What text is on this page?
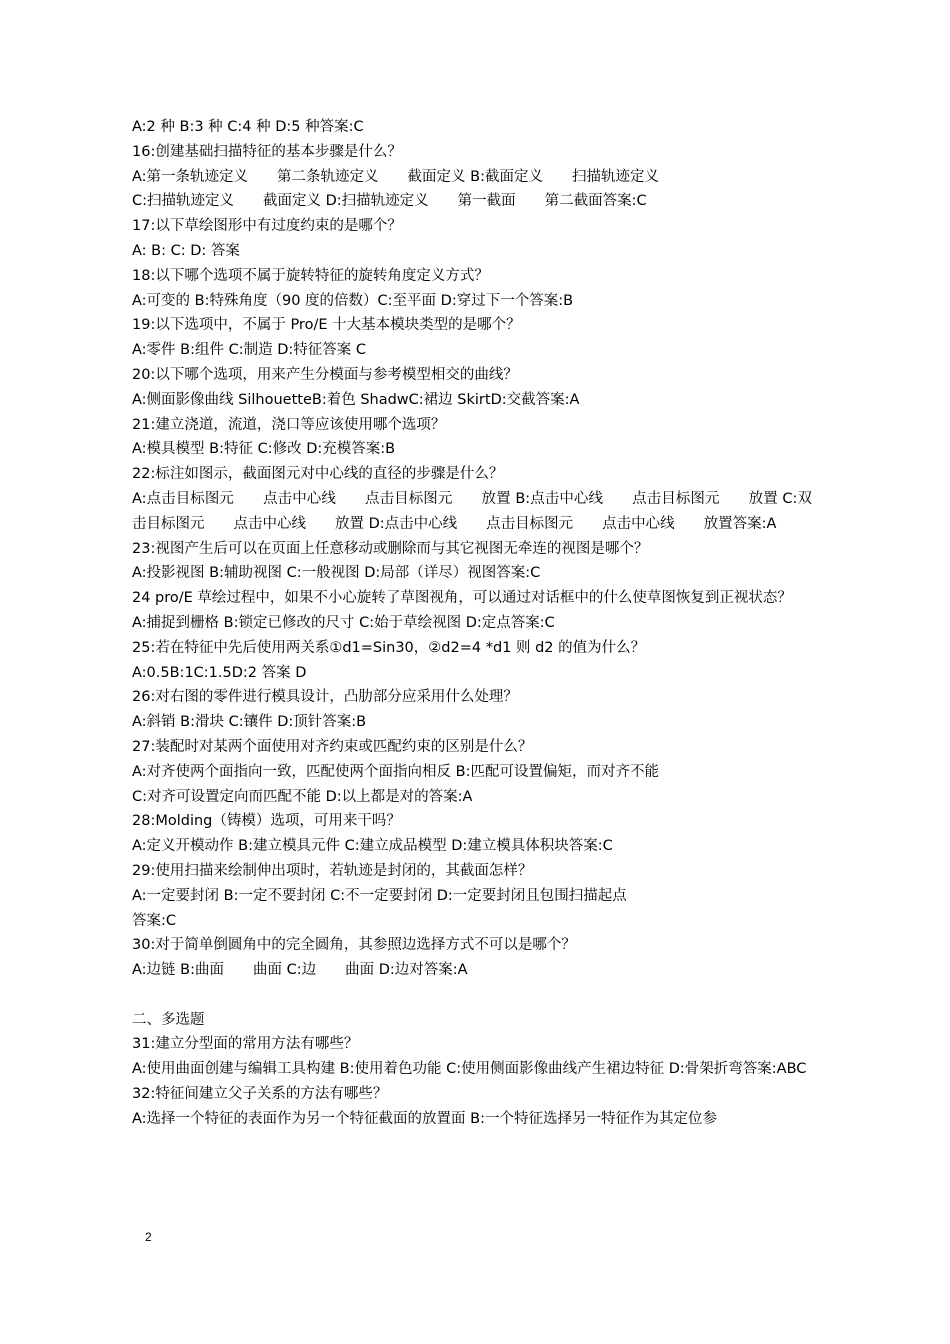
A:2 种 B:3 种 C:4 种 D:5 种答案:C
16:创建基础扫描特征的基本步骤是什么？
A:第一条轨迹定义　　第二条轨迹定义　　截面定义 B:截面定义　　扫描轨迹定义
C:扫描轨迹定义　　截面定义 D:扫描轨迹定义　　第一截面　　第二截面答案:C
17:以下草绘图形中有过度约束的是哪个？
A: B: C: D: 答案
18:以下哪个选项不属于旋转特征的旋转角度定义方式？
A:可变的 B:特殊角度（90 度的倍数）C:至平面 D:穿过下一个答案:B
19:以下选项中，不属于 Pro/E 十大基本模块类型的是哪个？
A:零件 B:组件 C:制造 D:特征答案 C
20:以下哪个选项，用来产生分模面与参考模型相交的曲线？
A:侧面影像曲线 SilhouetteB:着色 ShadwC:裙边 SkirtD:交截答案:A
21:建立浇道，流道，浇口等应该使用哪个选项？
A:模具模型 B:特征 C:修改 D:充模答案:B
22:标注如图示，截面图元对中心线的直径的步骤是什么？
A:点击目标图元　　点击中心线　　点击目标图元　　放置 B:点击中心线　　点击目标图元　　放置 C:双击目标图元　　点击中心线　　放置 D:点击中心线　　点击目标图元　　点击中心线　　放置答案:A
23:视图产生后可以在页面上任意移动或删除而与其它视图无牵连的视图是哪个？
A:投影视图 B:辅助视图 C:一般视图 D:局部（详尽）视图答案:C
24 pro/E 草绘过程中，如果不小心旋转了草图视角，可以通过对话框中的什么使草图恢复到正视状态？
A:捕捉到栅格 B:锁定已修改的尺寸 C:始于草绘视图 D:定点答案:C
25:若在特征中先后使用两关系①d1=Sin30，②d2=4 *d1 则 d2 的值为什么？
A:0.5B:1C:1.5D:2 答案 D
26:对右图的零件进行模具设计，凸肋部分应采用什么处理？
A:斜销 B:滑块 C:镶件 D:顶针答案:B
27:装配时对某两个面使用对齐约束或匹配约束的区别是什么？
A:对齐使两个面指向一致，匹配使两个面指向相反 B:匹配可设置偏矩，而对齐不能
C:对齐可设置定向而匹配不能 D:以上都是对的答案:A
28:Molding（铸模）选项，可用来干吗？
A:定义开模动作 B:建立模具元件 C:建立成品模型 D:建立模具体积块答案:C
29:使用扫描来绘制伸出项时，若轨迹是封闭的，其截面怎样？
A:一定要封闭 B:一定不要封闭 C:不一定要封闭 D:一定要封闭且包围扫描起点
答案:C
30:对于简单倒圆角中的完全圆角，其参照边选择方式不可以是哪个？
A:边链 B:曲面　　曲面 C:边　　曲面 D:边对答案:A
二、多选题
31:建立分型面的常用方法有哪些？
A:使用曲面创建与编辑工具构建 B:使用着色功能 C:使用侧面影像曲线产生裙边特征 D:骨架折弯答案:ABC
32:特征间建立父子关系的方法有哪些？
A:选择一个特征的表面作为另一个特征截面的放置面 B:一个特征选择另一特征作为其定位参
2
